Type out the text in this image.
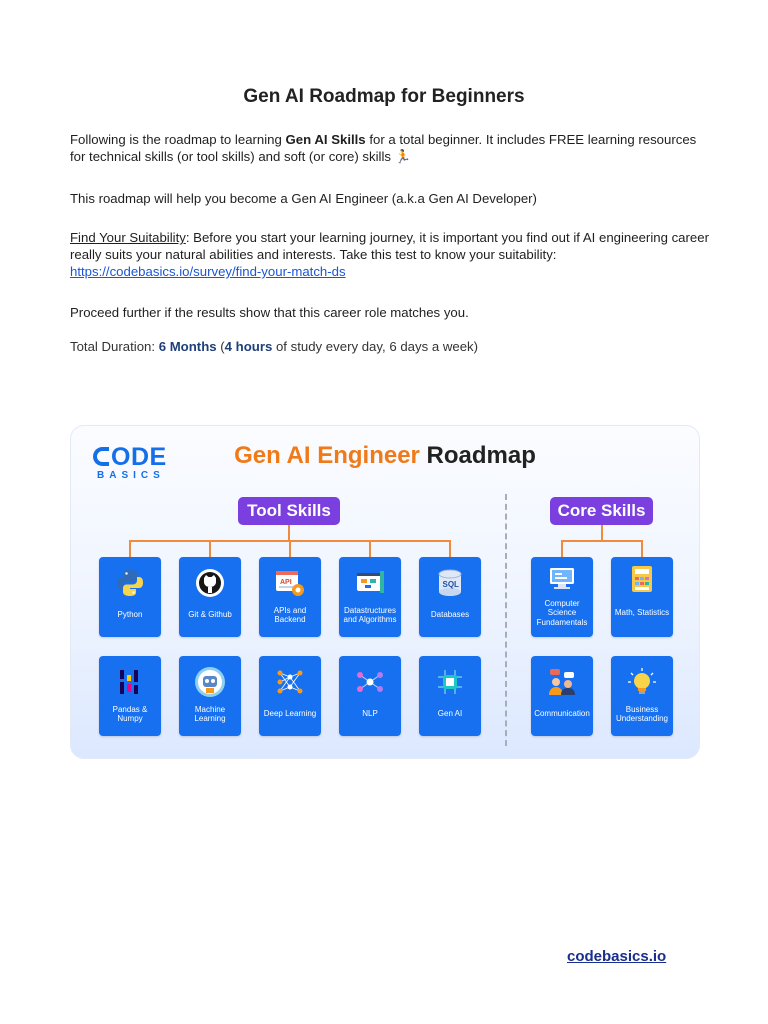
Gen AI Roadmap for Beginners
Following is the roadmap to learning Gen AI Skills for a total beginner. It includes FREE learning resources for technical skills (or tool skills) and soft (or core) skills 🏃
This roadmap will help you become a Gen AI Engineer (a.k.a Gen AI Developer)
Find Your Suitability: Before you start your learning journey, it is important you find out if AI engineering career really suits your natural abilities and interests. Take this test to know your suitability: https://codebasics.io/survey/find-your-match-ds
Proceed further if the results show that this career role matches you.
Total Duration: 6 Months (4 hours of study every day, 6 days a week)
ODE
BASICS
Gen AI Engineer Roadmap
Tool Skills	Core Skills
Python	Git & Github
API
APIs and Backend
Datastructures and Algorithms
SQL
Databases
Pandas & Numpy
Machine Learning
Deep Learning	NLP	Gen AI
Computer Science Fundamentals
Math, Statistics
Communication
Business Understanding
codebasics.io
